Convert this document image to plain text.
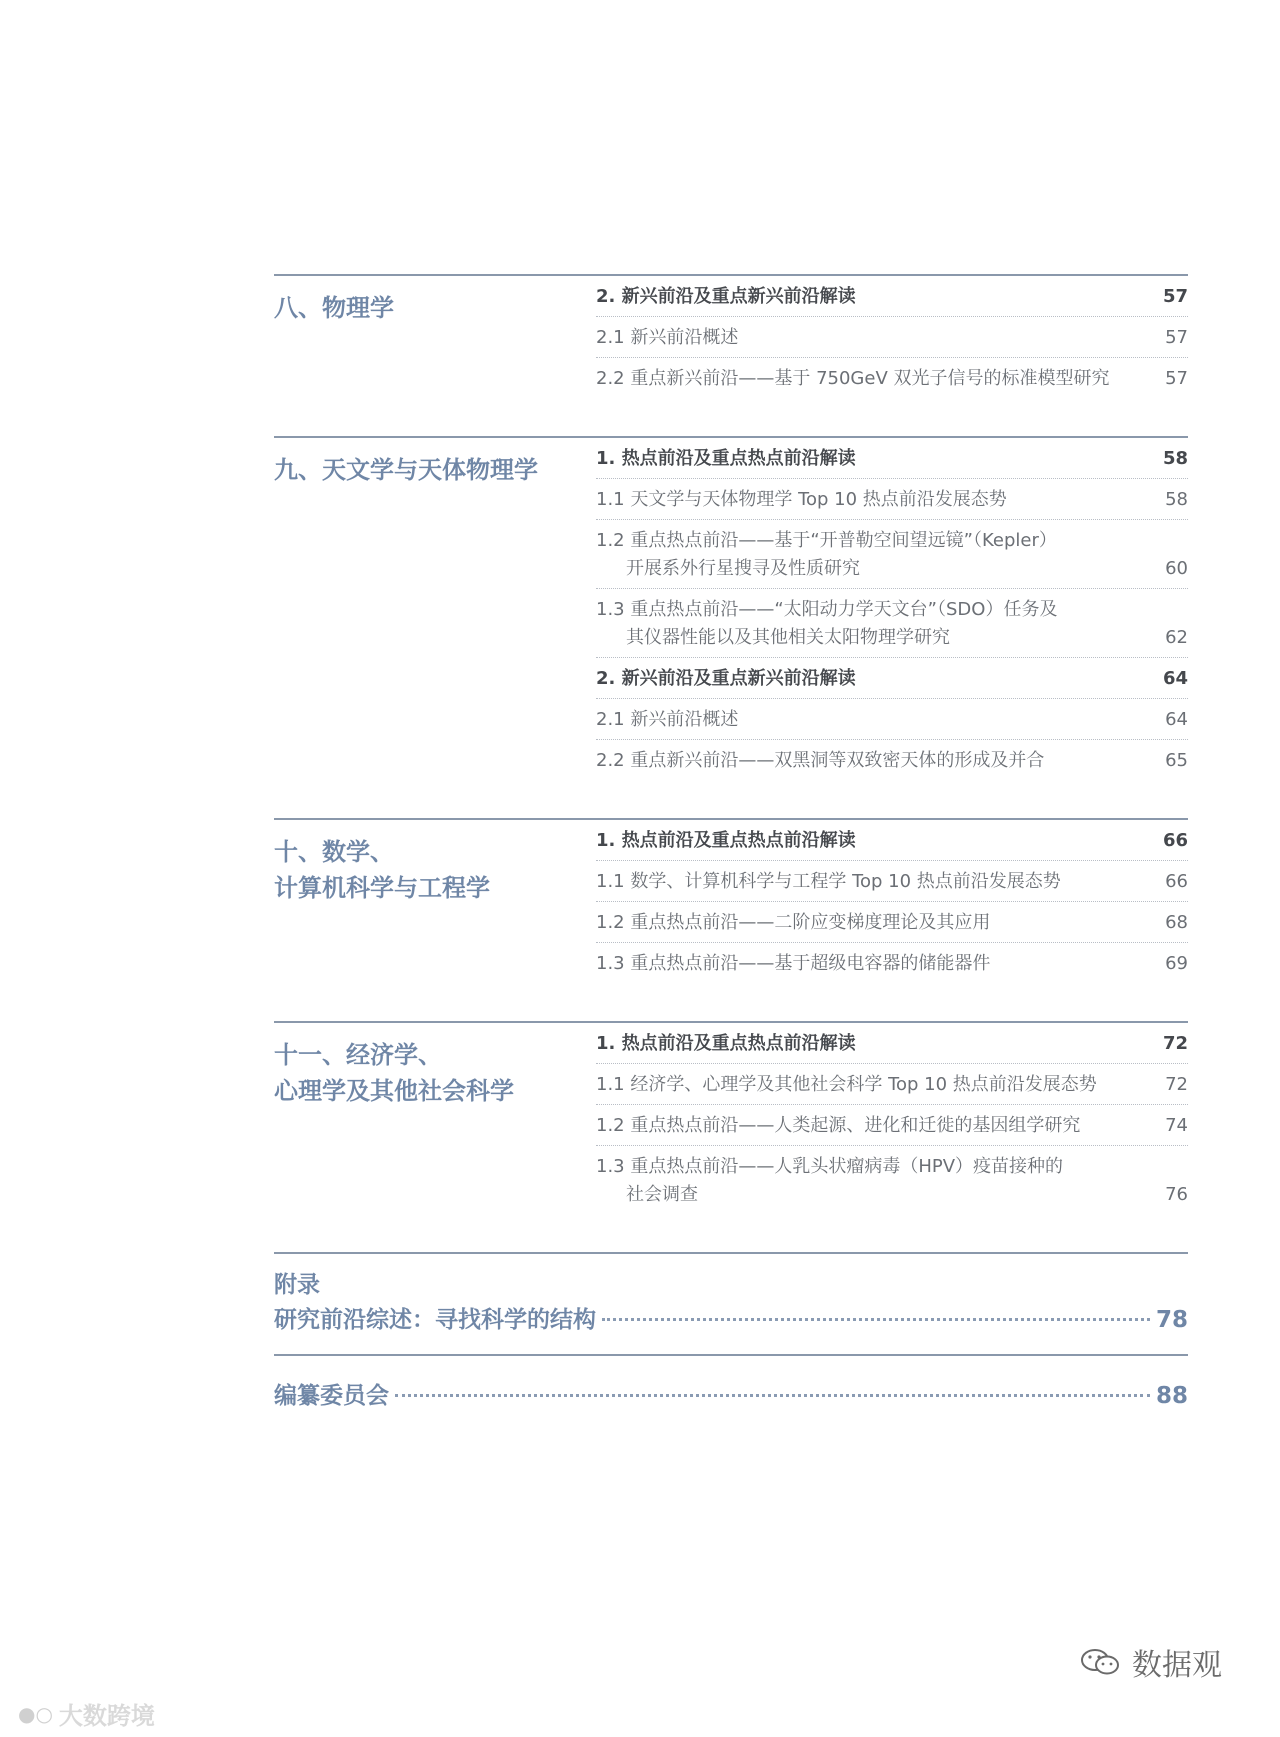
八、物理学	2. 新兴前沿及重点新兴前沿解读	57
2.1 新兴前沿概述	57
2.2 重点新兴前沿——基于 750GeV 双光子信号的标准模型研究	57
九、天文学与天体物理学	1. 热点前沿及重点热点前沿解读	58
1.1 天文学与天体物理学 Top 10 热点前沿发展态势	58
1.2 重点热点前沿——基于“开普勒空间望远镜”（Kepler）
开展系外行星搜寻及性质研究	60
1.3 重点热点前沿——“太阳动力学天文台”（SDO）任务及
其仪器性能以及其他相关太阳物理学研究	62
2. 新兴前沿及重点新兴前沿解读	64
2.1 新兴前沿概述	64
2.2 重点新兴前沿——双黑洞等双致密天体的形成及并合	65
十、数学、
计算机科学与工程学
1. 热点前沿及重点热点前沿解读	66
1.1 数学、计算机科学与工程学 Top 10 热点前沿发展态势	66
1.2 重点热点前沿——二阶应变梯度理论及其应用	68
1.3 重点热点前沿——基于超级电容器的储能器件	69
十一、经济学、
心理学及其他社会科学
1. 热点前沿及重点热点前沿解读	72
1.1 经济学、心理学及其他社会科学 Top 10 热点前沿发展态势	72
1.2 重点热点前沿——人类起源、进化和迁徙的基因组学研究	74
1.3 重点热点前沿——人乳头状瘤病毒（HPV）疫苗接种的
社会调查	76
附录
研究前沿综述：寻找科学的结构	78
编纂委员会	88
●○ 大数跨境
数据观
